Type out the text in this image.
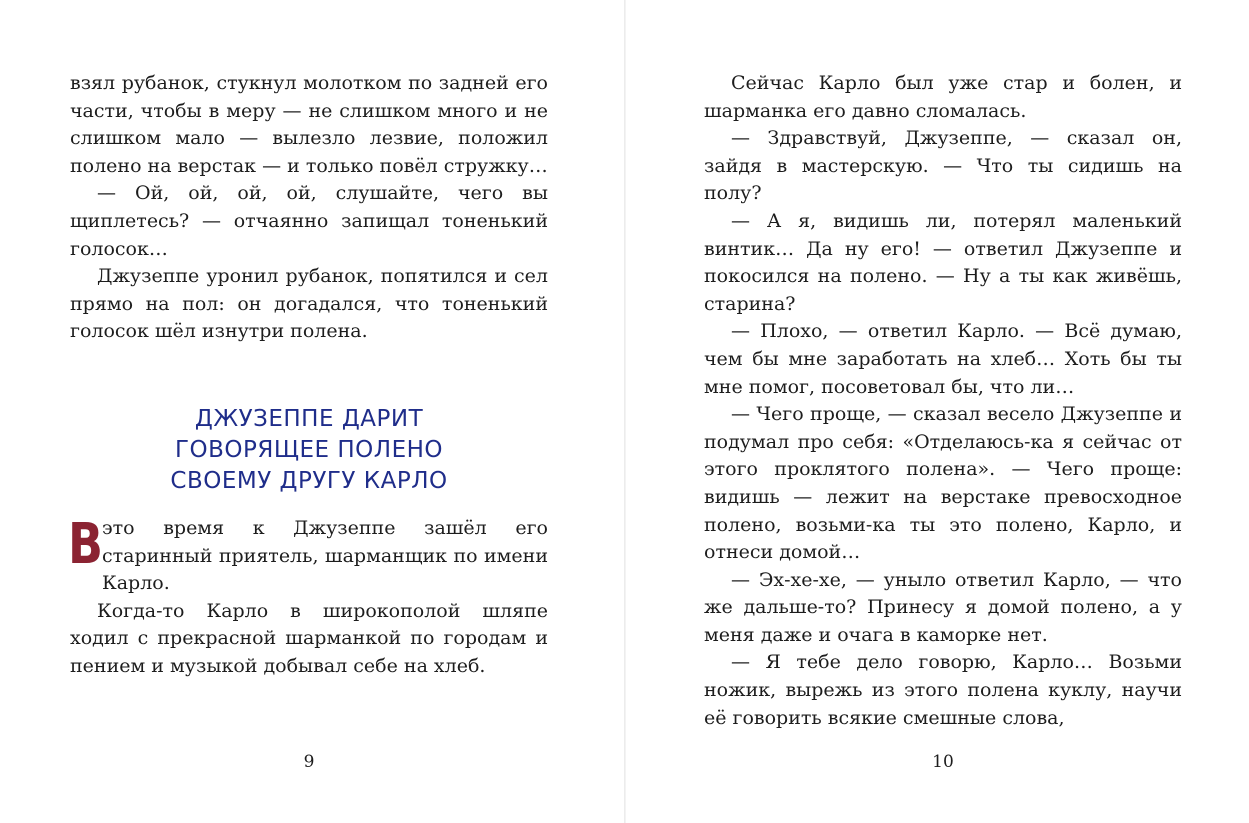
взял рубанок, стукнул молотком по задней его части, чтобы в меру — не слишком много и не слишком мало — вылезло лезвие, положил полено на верстак — и только повёл стружку…

— Ой, ой, ой, ой, слушайте, чего вы щиплетесь? — отчаянно запищал тоненький голосок…

Джузеппе уронил рубанок, попятился и сел прямо на пол: он догадался, что тоненький голосок шёл изнутри полена.

ДЖУЗЕППЕ ДАРИТ
ГОВОРЯЩЕЕ ПОЛЕНО
СВОЕМУ ДРУГУ КАРЛО

В
это время к Джузеппе зашёл его старинный приятель, шарманщик по имени Карло.

Когда-то Карло в широкополой шляпе ходил с прекрасной шарманкой по городам и пением и музыкой добывал себе на хлеб.

9

Сейчас Карло был уже стар и болен, и шарманка его давно сломалась.

— Здравствуй, Джузеппе, — сказал он, зайдя в мастерскую. — Что ты сидишь на полу?

— А я, видишь ли, потерял маленький винтик… Да ну его! — ответил Джузеппе и покосился на полено. — Ну а ты как живёшь, старина?

— Плохо, — ответил Карло. — Всё думаю, чем бы мне заработать на хлеб… Хоть бы ты мне помог, посоветовал бы, что ли…

— Чего проще, — сказал весело Джузеппе и подумал про себя: «Отделаюсь-ка я сейчас от этого проклятого полена». — Чего проще: видишь — лежит на верстаке превосходное полено, возьми-ка ты это полено, Карло, и отнеси домой…

— Эх-хе-хе, — уныло ответил Карло, — что же дальше-то? Принесу я домой полено, а у меня даже и очага в каморке нет.

— Я тебе дело говорю, Карло… Возьми ножик, вырежь из этого полена куклу, научи её говорить всякие смешные слова,

10
